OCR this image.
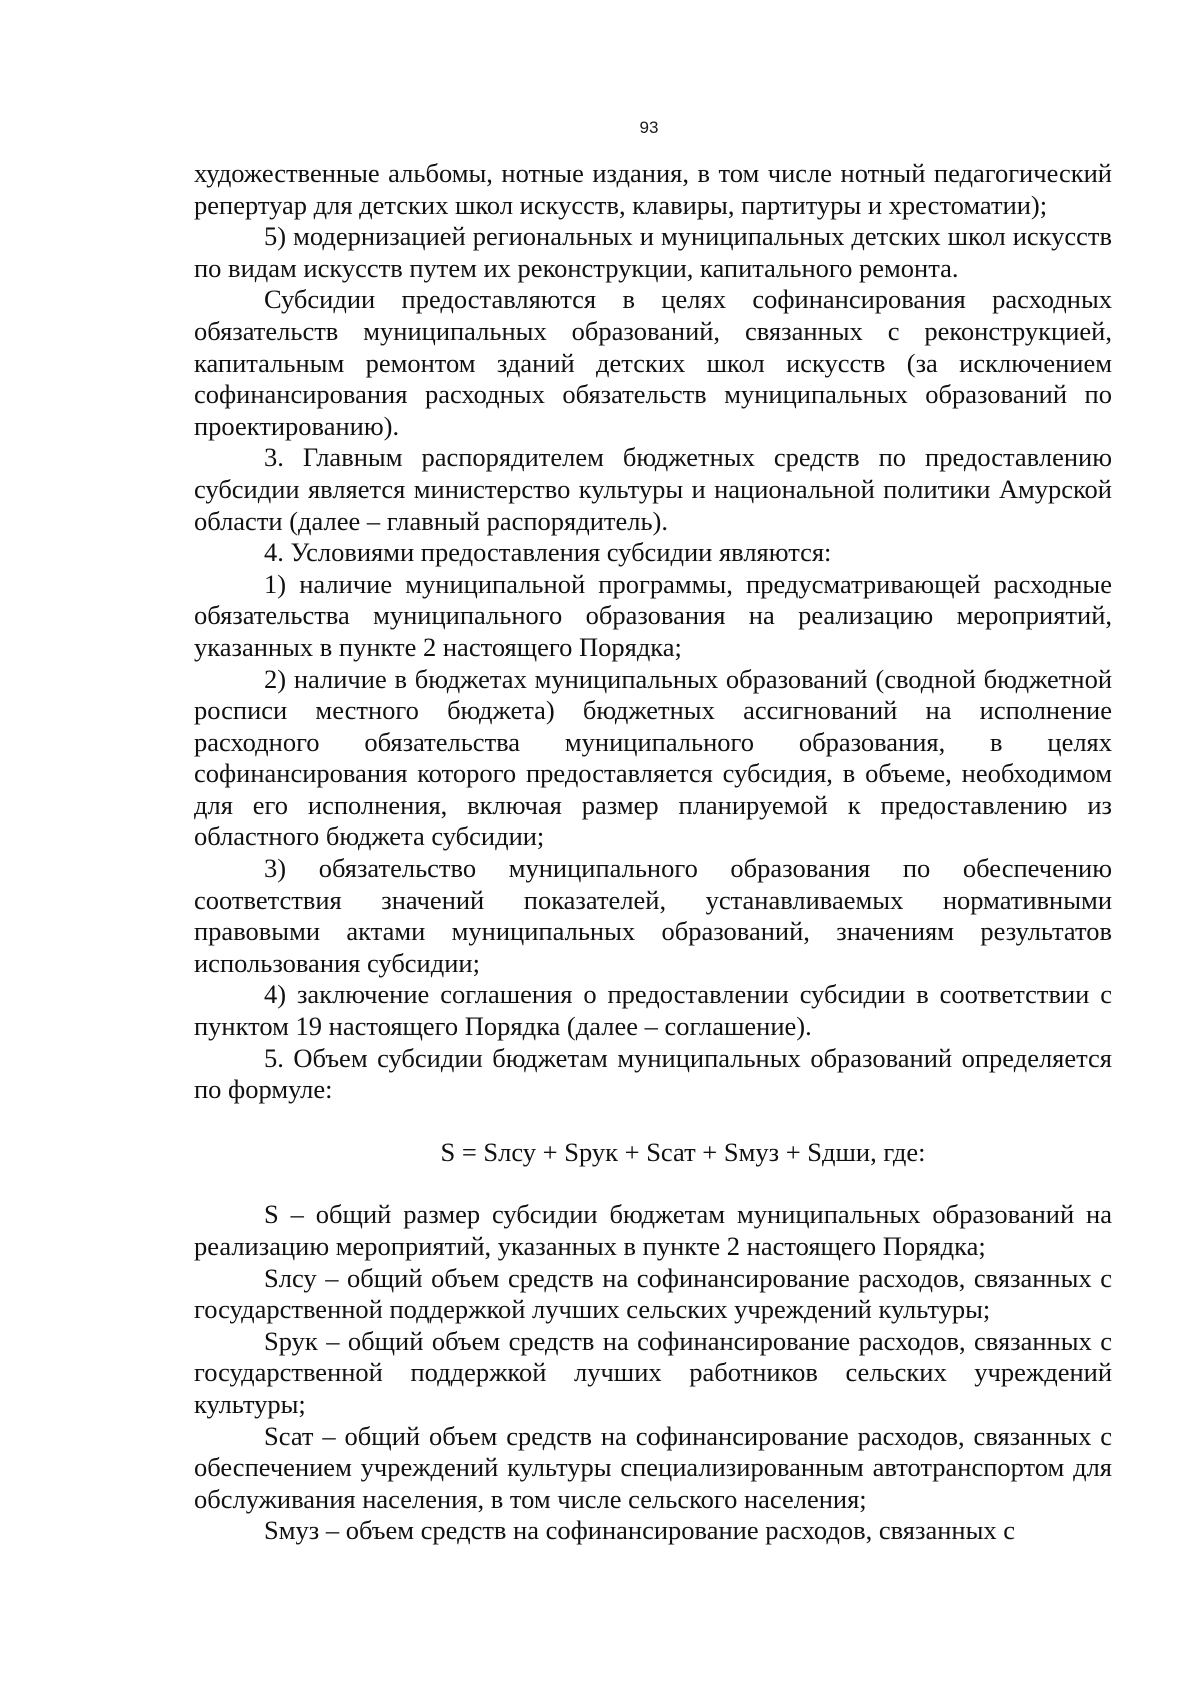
93

художественные альбомы, нотные издания, в том числе нотный педагогический репертуар для детских школ искусств, клавиры, партитуры и хрестоматии);

5) модернизацией региональных и муниципальных детских школ искусств по видам искусств путем их реконструкции, капитального ремонта.

Субсидии предоставляются в целях софинансирования расходных обязательств муниципальных образований, связанных с реконструкцией, капитальным ремонтом зданий детских школ искусств (за исключением софинансирования расходных обязательств муниципальных образований по проектированию).

3. Главным распорядителем бюджетных средств по предоставлению субсидии является министерство культуры и национальной политики Амурской области (далее – главный распорядитель).

4. Условиями предоставления субсидии являются:

1) наличие муниципальной программы, предусматривающей расходные обязательства муниципального образования на реализацию мероприятий, указанных в пункте 2 настоящего Порядка;

2) наличие в бюджетах муниципальных образований (сводной бюджетной росписи местного бюджета) бюджетных ассигнований на исполнение расходного обязательства муниципального образования, в целях софинансирования которого предоставляется субсидия, в объеме, необходимом для его исполнения, включая размер планируемой к предоставлению из областного бюджета субсидии;

3) обязательство муниципального образования по обеспечению соответствия значений показателей, устанавливаемых нормативными правовыми актами муниципальных образований, значениям результатов использования субсидии;

4) заключение соглашения о предоставлении субсидии в соответствии с пунктом 19 настоящего Порядка (далее – соглашение).

5. Объем субсидии бюджетам муниципальных образований определяется по формуле:

S = Sлсу + Sрук + Sсат + Sмуз + Sдши, где:

S – общий размер субсидии бюджетам муниципальных образований на реализацию мероприятий, указанных в пункте 2 настоящего Порядка;

Sлсу – общий объем средств на софинансирование расходов, связанных с государственной поддержкой лучших сельских учреждений культуры;

Sрук – общий объем средств на софинансирование расходов, связанных с государственной поддержкой лучших работников сельских учреждений культуры;

Sсат – общий объем средств на софинансирование расходов, связанных с обеспечением учреждений культуры специализированным автотранспортом для обслуживания населения, в том числе сельского населения;

Sмуз – объем средств на софинансирование расходов, связанных с
